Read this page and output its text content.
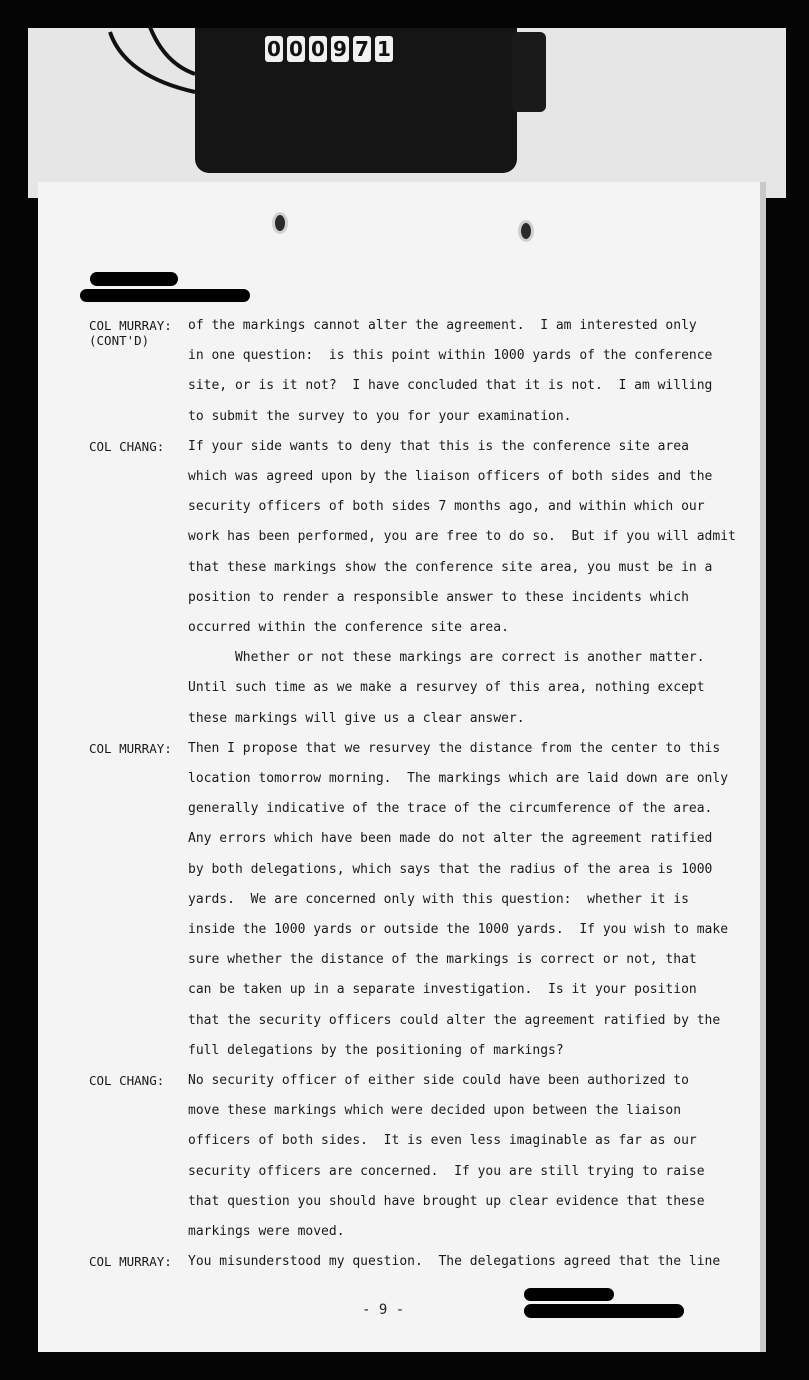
0 0 0 9 7 1
COL MURRAY:
(CONT'D)
of the markings cannot alter the agreement.  I am interested only
in one question:  is this point within 1000 yards of the conference
site, or is it not?  I have concluded that it is not.  I am willing
to submit the survey to you for your examination.
COL CHANG: If your side wants to deny that this is the conference site area
which was agreed upon by the liaison officers of both sides and the
security officers of both sides 7 months ago, and within which our
work has been performed, you are free to do so.  But if you will admit
that these markings show the conference site area, you must be in a
position to render a responsible answer to these incidents which
occurred within the conference site area.
Whether or not these markings are correct is another matter.
Until such time as we make a resurvey of this area, nothing except
these markings will give us a clear answer.
COL MURRAY: Then I propose that we resurvey the distance from the center to this
location tomorrow morning.  The markings which are laid down are only
generally indicative of the trace of the circumference of the area.
Any errors which have been made do not alter the agreement ratified
by both delegations, which says that the radius of the area is 1000
yards.  We are concerned only with this question:  whether it is
inside the 1000 yards or outside the 1000 yards.  If you wish to make
sure whether the distance of the markings is correct or not, that
can be taken up in a separate investigation.  Is it your position
that the security officers could alter the agreement ratified by the
full delegations by the positioning of markings?
COL CHANG: No security officer of either side could have been authorized to
move these markings which were decided upon between the liaison
officers of both sides.  It is even less imaginable as far as our
security officers are concerned.  If you are still trying to raise
that question you should have brought up clear evidence that these
markings were moved.
COL MURRAY: You misunderstood my question.  The delegations agreed that the line
- 9 -
